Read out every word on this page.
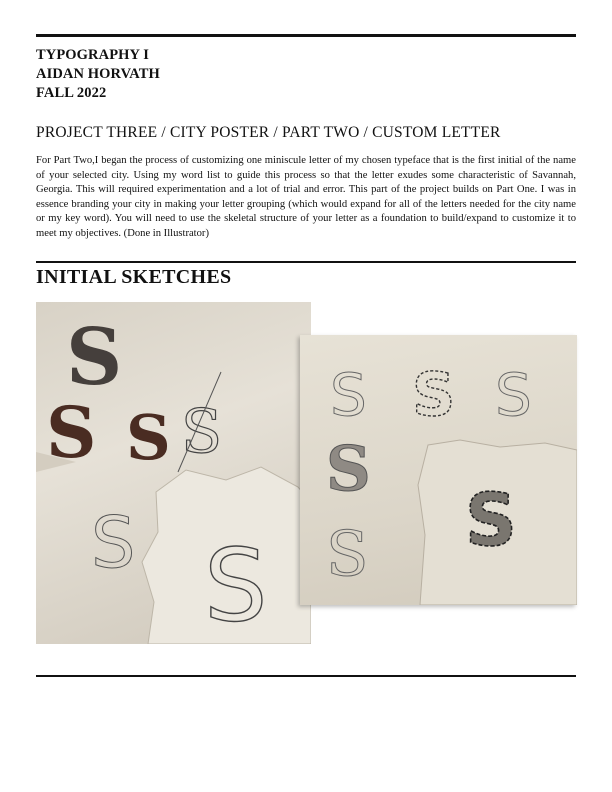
TYPOGRAPHY I
AIDAN HORVATH
FALL 2022
PROJECT THREE / CITY POSTER / PART TWO / CUSTOM LETTER

For Part Two,I began the process of customizing one miniscule letter of my chosen typeface that is the first initial of the name of your selected city. Using my word list to guide this process so that the letter exudes some characteristic of Savannah, Georgia. This will required experimentation and a lot of trial and error. This part of the project builds on Part One. I was in essence branding your city in making your letter grouping (which would expand for all of the letters needed for the city name or my key word). You will need to use the skeletal structure of your letter as a foundation to build/expand to customize it to meet my objectives. (Done in Illustrator)

INITIAL SKETCHES
S
S S S
S S
S S S
S
S S
